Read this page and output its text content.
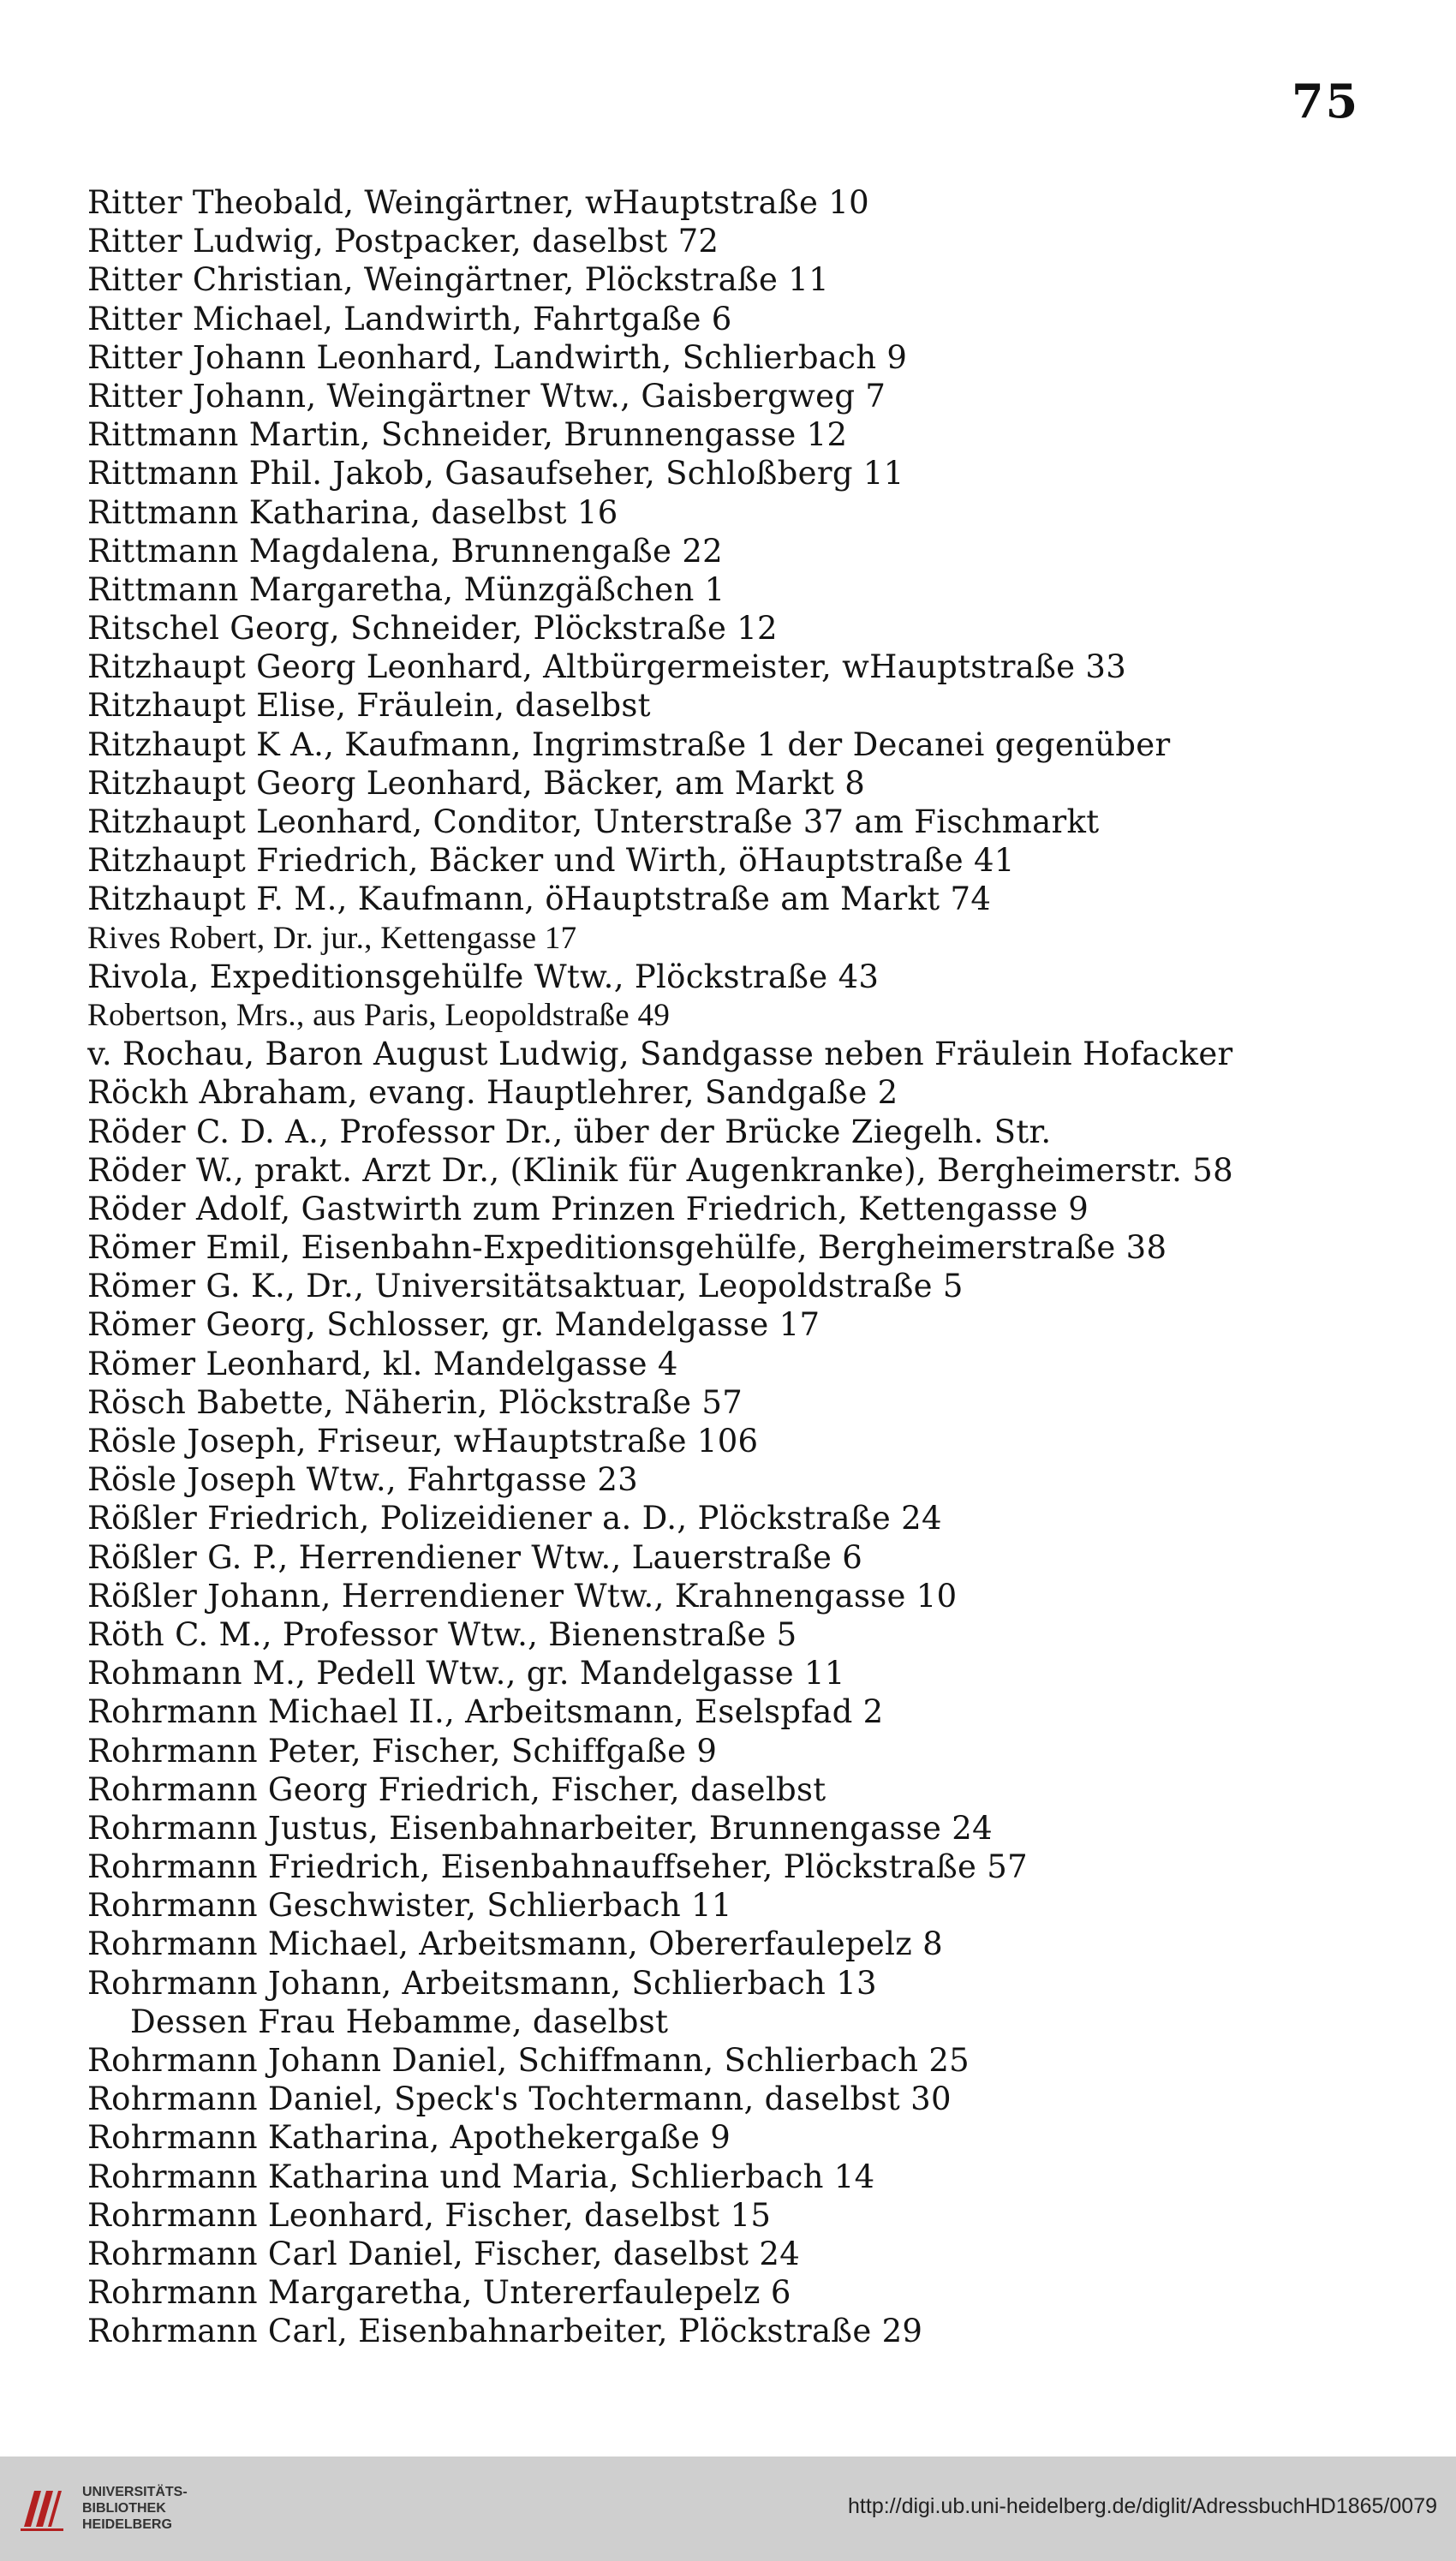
75
Ritter Theobald, Weingärtner, wHauptstraße 10
Ritter Ludwig, Postpacker, daselbst 72
Ritter Christian, Weingärtner, Plöckstraße 11
Ritter Michael, Landwirth, Fahrtgaße 6
Ritter Johann Leonhard, Landwirth, Schlierbach 9
Ritter Johann, Weingärtner Wtw., Gaisbergweg 7
Rittmann Martin, Schneider, Brunnengasse 12
Rittmann Phil. Jakob, Gasaufseher, Schloßberg 11
Rittmann Katharina, daselbst 16
Rittmann Magdalena, Brunnengaße 22
Rittmann Margaretha, Münzgäßchen 1
Ritschel Georg, Schneider, Plöckstraße 12
Ritzhaupt Georg Leonhard, Altbürgermeister, wHauptstraße 33
Ritzhaupt Elise, Fräulein, daselbst
Ritzhaupt K A., Kaufmann, Ingrimstraße 1 der Decanei gegenüber
Ritzhaupt Georg Leonhard, Bäcker, am Markt 8
Ritzhaupt Leonhard, Conditor, Unterstraße 37 am Fischmarkt
Ritzhaupt Friedrich, Bäcker und Wirth, öHauptstraße 41
Ritzhaupt F. M., Kaufmann, öHauptstraße am Markt 74
Rives Robert, Dr. jur., Kettengasse 17
Rivola, Expeditionsgehülfe Wtw., Plöckstraße 43
Robertson, Mrs., aus Paris, Leopoldstraße 49
v. Rochau, Baron August Ludwig, Sandgasse neben Fräulein Hofacker
Röckh Abraham, evang. Hauptlehrer, Sandgaße 2
Röder C. D. A., Professor Dr., über der Brücke Ziegelh. Str.
Röder W., prakt. Arzt Dr., (Klinik für Augenkranke), Bergheimerstr. 58
Röder Adolf, Gastwirth zum Prinzen Friedrich, Kettengasse 9
Römer Emil, Eisenbahn-Expeditionsgehülfe, Bergheimerstraße 38
Römer G. K., Dr., Universitätsaktuar, Leopoldstraße 5
Römer Georg, Schlosser, gr. Mandelgasse 17
Römer Leonhard, kl. Mandelgasse 4
Rösch Babette, Näherin, Plöckstraße 57
Rösle Joseph, Friseur, wHauptstraße 106
Rösle Joseph Wtw., Fahrtgasse 23
Rößler Friedrich, Polizeidiener a. D., Plöckstraße 24
Rößler G. P., Herrendiener Wtw., Lauerstraße 6
Rößler Johann, Herrendiener Wtw., Krahnengasse 10
Röth C. M., Professor Wtw., Bienenstraße 5
Rohmann M., Pedell Wtw., gr. Mandelgasse 11
Rohrmann Michael II., Arbeitsmann, Eselspfad 2
Rohrmann Peter, Fischer, Schiffgaße 9
Rohrmann Georg Friedrich, Fischer, daselbst
Rohrmann Justus, Eisenbahnarbeiter, Brunnengasse 24
Rohrmann Friedrich, Eisenbahnauffseher, Plöckstraße 57
Rohrmann Geschwister, Schlierbach 11
Rohrmann Michael, Arbeitsmann, Obererfaulepelz 8
Rohrmann Johann, Arbeitsmann, Schlierbach 13
Dessen Frau Hebamme, daselbst
Rohrmann Johann Daniel, Schiffmann, Schlierbach 25
Rohrmann Daniel, Speck's Tochtermann, daselbst 30
Rohrmann Katharina, Apothekergaße 9
Rohrmann Katharina und Maria, Schlierbach 14
Rohrmann Leonhard, Fischer, daselbst 15
Rohrmann Carl Daniel, Fischer, daselbst 24
Rohrmann Margaretha, Untererfaulepelz 6
Rohrmann Carl, Eisenbahnarbeiter, Plöckstraße 29
UNIVERSITÄTS-
BIBLIOTHEK
HEIDELBERG
http://digi.ub.uni-heidelberg.de/diglit/AdressbuchHD1865/0079
